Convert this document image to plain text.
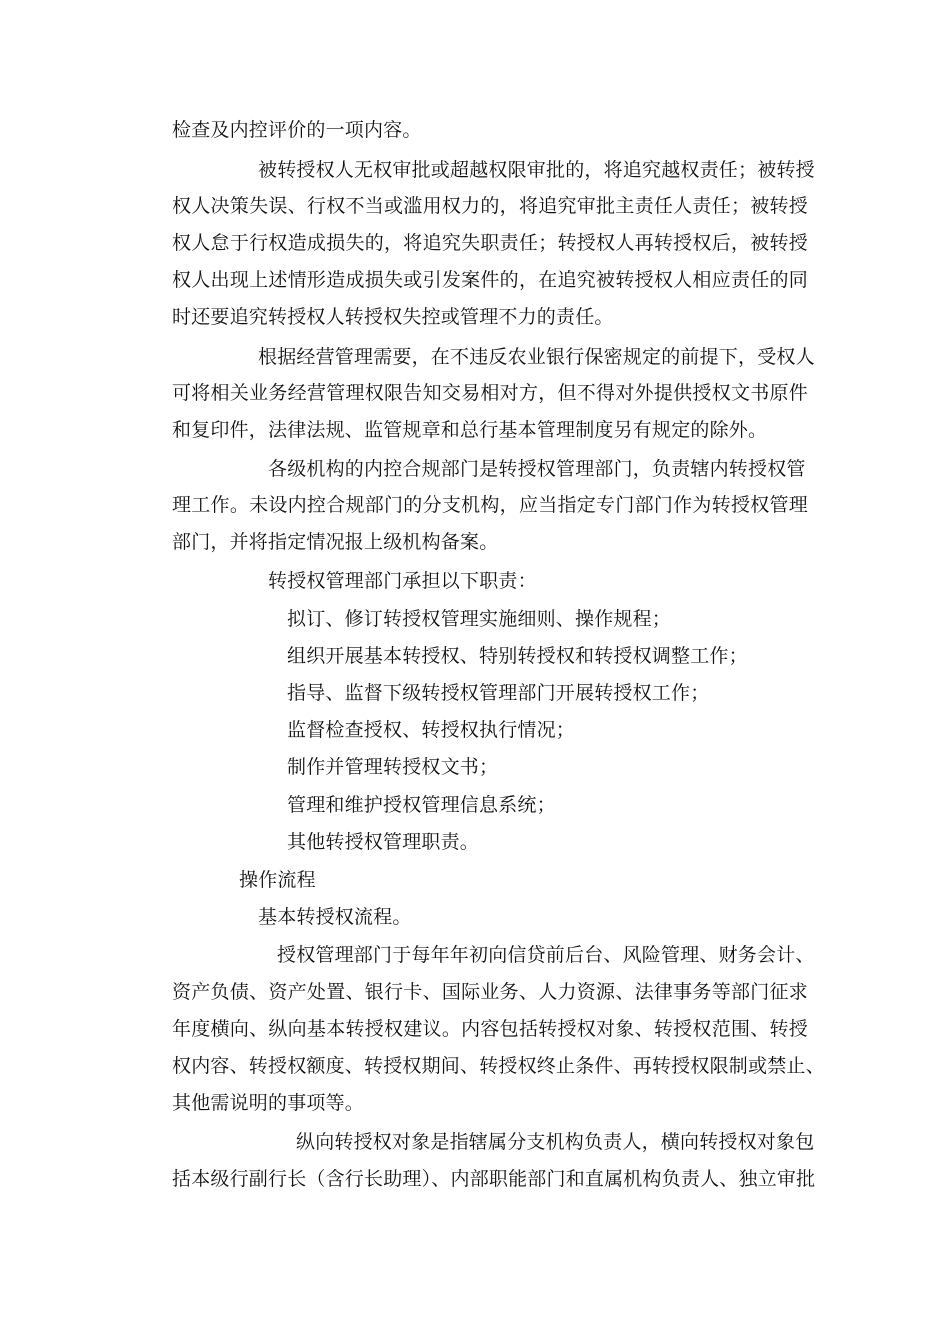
检查及内控评价的一项内容。
被转授权人无权审批或超越权限审批的，将追究越权责任；被转授
权人决策失误、行权不当或滥用权力的，将追究审批主责任人责任；被转授
权人怠于行权造成损失的，将追究失职责任；转授权人再转授权后，被转授
权人出现上述情形造成损失或引发案件的，在追究被转授权人相应责任的同
时还要追究转授权人转授权失控或管理不力的责任。
根据经营管理需要，在不违反农业银行保密规定的前提下，受权人
可将相关业务经营管理权限告知交易相对方，但不得对外提供授权文书原件
和复印件，法律法规、监管规章和总行基本管理制度另有规定的除外。
各级机构的内控合规部门是转授权管理部门，负责辖内转授权管
理工作。未设内控合规部门的分支机构，应当指定专门部门作为转授权管理
部门，并将指定情况报上级机构备案。
转授权管理部门承担以下职责：
拟订、修订转授权管理实施细则、操作规程；
组织开展基本转授权、特别转授权和转授权调整工作；
指导、监督下级转授权管理部门开展转授权工作；
监督检查授权、转授权执行情况；
制作并管理转授权文书；
管理和维护授权管理信息系统；
其他转授权管理职责。
操作流程
基本转授权流程。
授权管理部门于每年年初向信贷前后台、风险管理、财务会计、
资产负债、资产处置、银行卡、国际业务、人力资源、法律事务等部门征求
年度横向、纵向基本转授权建议。内容包括转授权对象、转授权范围、转授
权内容、转授权额度、转授权期间、转授权终止条件、再转授权限制或禁止、
其他需说明的事项等。
纵向转授权对象是指辖属分支机构负责人，横向转授权对象包
括本级行副行长（含行长助理）、内部职能部门和直属机构负责人、独立审批
